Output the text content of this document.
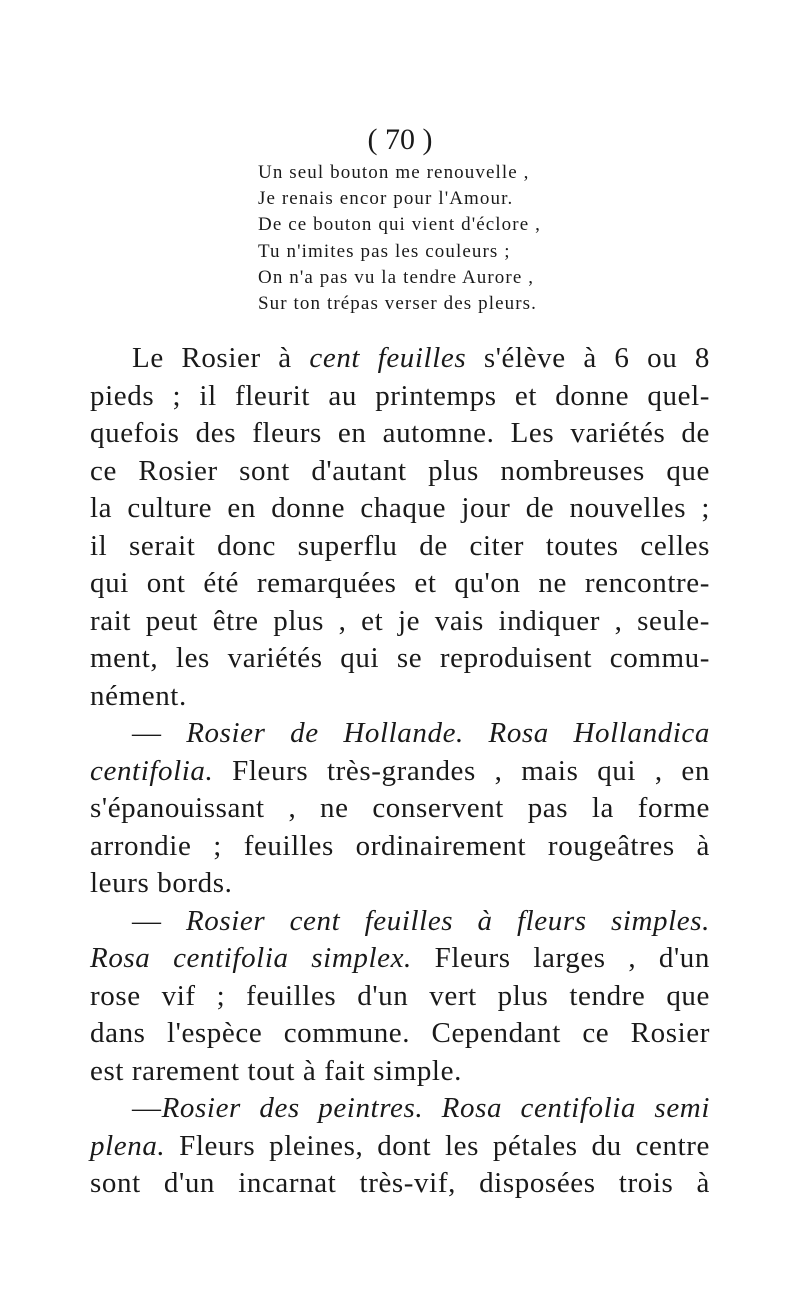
( 70 )
Un seul bouton me renouvelle ,
Je renais encor pour l'Amour.
De ce bouton qui vient d'éclore ,
Tu n'imites pas les couleurs ;
On n'a pas vu la tendre Aurore ,
Sur ton trépas verser des pleurs.
Le Rosier à cent feuilles s'élève à 6 ou 8
pieds ; il fleurit au printemps et donne quel-
quefois des fleurs en automne. Les variétés de
ce Rosier sont d'autant plus nombreuses que
la culture en donne chaque jour de nouvelles ;
il serait donc superflu de citer toutes celles
qui ont été remarquées et qu'on ne rencontre-
rait peut être plus , et je vais indiquer , seule-
ment, les variétés qui se reproduisent commu-
nément.
— Rosier de Hollande. Rosa Hollandica
centifolia. Fleurs très-grandes , mais qui , en
s'épanouissant , ne conservent pas la forme
arrondie ; feuilles ordinairement rougeâtres à
leurs bords.
— Rosier cent feuilles à fleurs simples.
Rosa centifolia simplex. Fleurs larges , d'un
rose vif ; feuilles d'un vert plus tendre que
dans l'espèce commune. Cependant ce Rosier
est rarement tout à fait simple.
—Rosier des peintres. Rosa centifolia semi
plena. Fleurs pleines, dont les pétales du centre
sont d'un incarnat très-vif, disposées trois à
